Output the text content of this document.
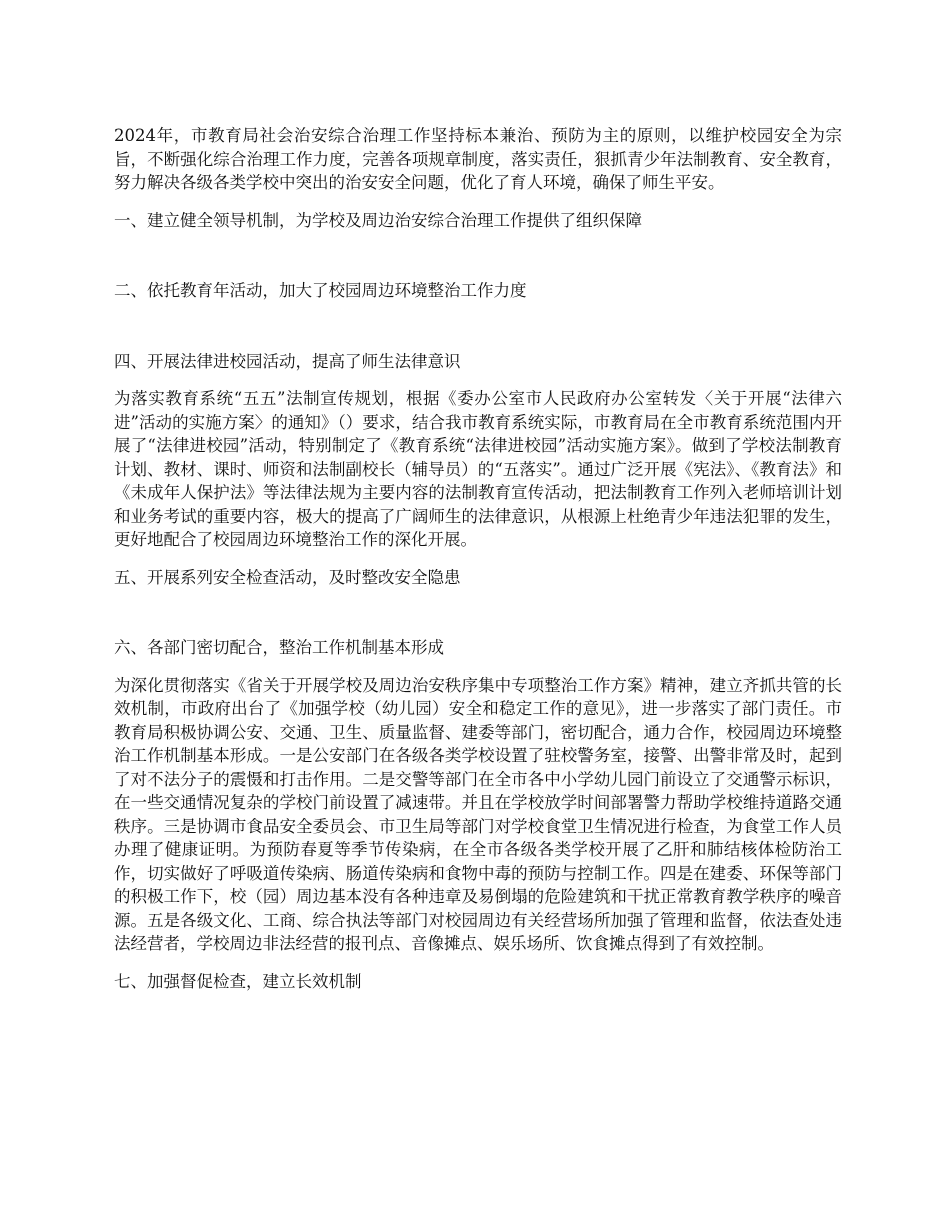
2024年，市教育局社会治安综合治理工作坚持标本兼治、预防为主的原则，以维护校园安全为宗旨，不断强化综合治理工作力度，完善各项规章制度，落实责任，狠抓青少年法制教育、安全教育，努力解决各级各类学校中突出的治安安全问题，优化了育人环境，确保了师生平安。

一、建立健全领导机制，为学校及周边治安综合治理工作提供了组织保障

二、依托教育年活动，加大了校园周边环境整治工作力度

四、开展法律进校园活动，提高了师生法律意识

为落实教育系统“五五”法制宣传规划，根据《委办公室市人民政府办公室转发〈关于开展“法律六进”活动的实施方案〉的通知》（）要求，结合我市教育系统实际，市教育局在全市教育系统范围内开展了“法律进校园”活动，特别制定了《教育系统“法律进校园”活动实施方案》。做到了学校法制教育计划、教材、课时、师资和法制副校长（辅导员）的“五落实”。通过广泛开展《宪法》、《教育法》和《未成年人保护法》等法律法规为主要内容的法制教育宣传活动，把法制教育工作列入老师培训计划和业务考试的重要内容，极大的提高了广阔师生的法律意识，从根源上杜绝青少年违法犯罪的发生，更好地配合了校园周边环境整治工作的深化开展。

五、开展系列安全检查活动，及时整改安全隐患

六、各部门密切配合，整治工作机制基本形成

为深化贯彻落实《省关于开展学校及周边治安秩序集中专项整治工作方案》精神，建立齐抓共管的长效机制，市政府出台了《加强学校（幼儿园）安全和稳定工作的意见》，进一步落实了部门责任。市教育局积极协调公安、交通、卫生、质量监督、建委等部门，密切配合，通力合作，校园周边环境整治工作机制基本形成。一是公安部门在各级各类学校设置了驻校警务室，接警、出警非常及时，起到了对不法分子的震慑和打击作用。二是交警等部门在全市各中小学幼儿园门前设立了交通警示标识，在一些交通情况复杂的学校门前设置了减速带。并且在学校放学时间部署警力帮助学校维持道路交通秩序。三是协调市食品安全委员会、市卫生局等部门对学校食堂卫生情况进行检查，为食堂工作人员办理了健康证明。为预防春夏等季节传染病，在全市各级各类学校开展了乙肝和肺结核体检防治工作，切实做好了呼吸道传染病、肠道传染病和食物中毒的预防与控制工作。四是在建委、环保等部门的积极工作下，校（园）周边基本没有各种违章及易倒塌的危险建筑和干扰正常教育教学秩序的噪音源。五是各级文化、工商、综合执法等部门对校园周边有关经营场所加强了管理和监督，依法查处违法经营者，学校周边非法经营的报刊点、音像摊点、娱乐场所、饮食摊点得到了有效控制。

七、加强督促检查，建立长效机制
